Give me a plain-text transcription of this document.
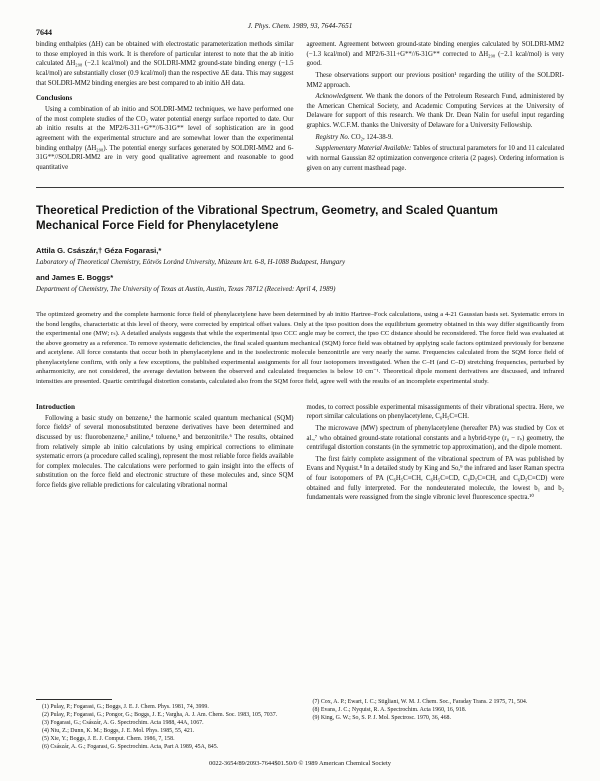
7644
J. Phys. Chem. 1989, 93, 7644-7651

binding enthalpies (ΔH) can be obtained with electrostatic parameterization methods similar to those employed in this work. It is therefore of particular interest to note that the ab initio calculated ΔH₂₉₈ (−2.1 kcal/mol) and the SOLDRI-MM2 ground-state binding energy (−1.5 kcal/mol) are substantially closer (0.9 kcal/mol) than the respective ΔE data. This may suggest that SOLDRI-MM2 binding energies are best compared to ab initio ΔH data.

Conclusions

Using a combination of ab initio and SOLDRI-MM2 techniques, we have performed one of the most complete studies of the CO₂ water potential energy surface reported to date. Our ab initio results at the MP2/6-311+G**//6-31G** level of sophistication are in good agreement with the experimental structure and are somewhat lower than the experimental binding enthalpy (ΔH₂₉₈). The potential energy surfaces generated by SOLDRI-MM2 and 6-31G**//SOLDRI-MM2 are in very good qualitative agreement and reasonable to good quantitative

agreement. Agreement between ground-state binding energies calculated by SOLDRI-MM2 (−1.3 kcal/mol) and MP2/6-311+G**//6-31G** corrected to ΔH₂₉₈ (−2.1 kcal/mol) is very good.

These observations support our previous position¹ regarding the utility of the SOLDRI-MM2 approach.

Acknowledgment. We thank the donors of the Petroleum Research Fund, administered by the American Chemical Society, and Academic Computing Services at the University of Delaware for support of this research. We thank Dr. Dean Nalin for useful input regarding graphics. W.C.F.M. thanks the University of Delaware for a University Fellowship.

Registry No. CO₂, 124-38-9.

Supplementary Material Available: Tables of structural parameters for 10 and 11 calculated with normal Gaussian 82 optimization convergence criteria (2 pages). Ordering information is given on any current masthead page.

Theoretical Prediction of the Vibrational Spectrum, Geometry, and Scaled Quantum Mechanical Force Field for Phenylacetylene

Attila G. Császár,† Géza Fogarasi,*

Laboratory of Theoretical Chemistry, Eötvös Loránd University, Múzeum krt. 6-8, H-1088 Budapest, Hungary

and James E. Boggs*

Department of Chemistry, The University of Texas at Austin, Austin, Texas 78712 (Received: April 4, 1989)

The optimized geometry and the complete harmonic force field of phenylacetylene have been determined by ab initio Hartree–Fock calculations, using a 4-21 Gaussian basis set. Systematic errors in the bond lengths, characteristic at this level of theory, were corrected by empirical offset values. Only at the ipso position does the equilibrium geometry obtained in this way differ significantly from the experimental one (MW; rₛ). A detailed analysis suggests that while the experimental ipso CCC angle may be correct, the ipso CC distance should be reconsidered. The force field was evaluated at the above geometry as a reference. To remove systematic deficiencies, the final scaled quantum mechanical (SQM) force field was obtained by applying scale factors optimized previously for benzene and acetylene. All force constants that occur both in phenylacetylene and in the isoelectronic molecule benzonitrile are very nearly the same. Frequencies calculated from the SQM force field of phenylacetylene confirm, with only a few exceptions, the published experimental assignments for all four isotopomers investigated. When the C–H (and C–D) stretching frequencies, perturbed by anharmonicity, are not considered, the average deviation between the observed and calculated frequencies is below 10 cm⁻¹. Theoretical dipole moment derivatives are discussed, and infrared intensities are presented. Quartic centrifugal distortion constants, calculated also from the SQM force field, agree well with the results of an incomplete experimental study.

Introduction

Following a basic study on benzene,¹ the harmonic scaled quantum mechanical (SQM) force fields² of several monosubstituted benzene derivatives have been determined and discussed by us: fluorobenzene,³ aniline,⁴ toluene,⁵ and benzonitrile.⁶ The results, obtained from relatively simple ab initio calculations by using empirical corrections to eliminate systematic errors (a procedure called scaling), represent the most reliable force fields available for complex molecules. The calculations were performed to gain insight into the effects of substitution on the force field and electronic structure of these molecules and, since SQM force fields give reliable predictions for calculating vibrational normal

modes, to correct possible experimental misassignments of their vibrational spectra. Here, we report similar calculations on phenylacetylene, C₆H₅C≡CH.

The microwave (MW) spectrum of phenylacetylene (hereafter PA) was studied by Cox et al.,⁷ who obtained ground-state rotational constants and a hybrid-type (r₀ − rₛ) geometry, the centrifugal distortion constants (in the symmetric top approximation), and the dipole moment.

The first fairly complete assignment of the vibrational spectrum of PA was published by Evans and Nyquist.⁸ In a detailed study by King and So,⁹ the infrared and laser Raman spectra of four isotopomers of PA (C₆H₅C≡CH, C₆H₅C≡CD, C₆D₅C≡CH, and C₆D₅C≡CD) were obtained and fully interpreted. For the nondeuterated molecule, the lowest b₁ and b₂ fundamentals were reassigned from the single vibronic level fluorescence spectra.¹⁰

(1) Pulay, P.; Fogarasi, G.; Boggs, J. E. J. Chem. Phys. 1981, 74, 3999.

(2) Pulay, P.; Fogarasi, G.; Pongor, G.; Boggs, J. E.; Vargha, A. J. Am. Chem. Soc. 1983, 105, 7037.

(3) Fogarasi, G.; Császár, A. G. Spectrochim. Acta 1988, 44A, 1067.

(4) Niu, Z.; Dunn, K. M.; Boggs, J. E. Mol. Phys. 1985, 55, 421.

(5) Xie, Y.; Boggs, J. E. J. Comput. Chem. 1986, 7, 158.

(6) Császár, A. G.; Fogarasi, G. Spectrochim. Acta, Part A 1989, 45A, 845.

(7) Cox, A. P.; Ewart, I. C.; Stigliani, W. M. J. Chem. Soc., Faraday Trans. 2 1975, 71, 504.

(8) Evans, J. C.; Nyquist, R. A. Spectrochim. Acta 1960, 16, 918.

(9) King, G. W.; So, S. P. J. Mol. Spectrosc. 1970, 36, 468.

0022-3654/89/2093-7644$01.50/0 © 1989 American Chemical Society
